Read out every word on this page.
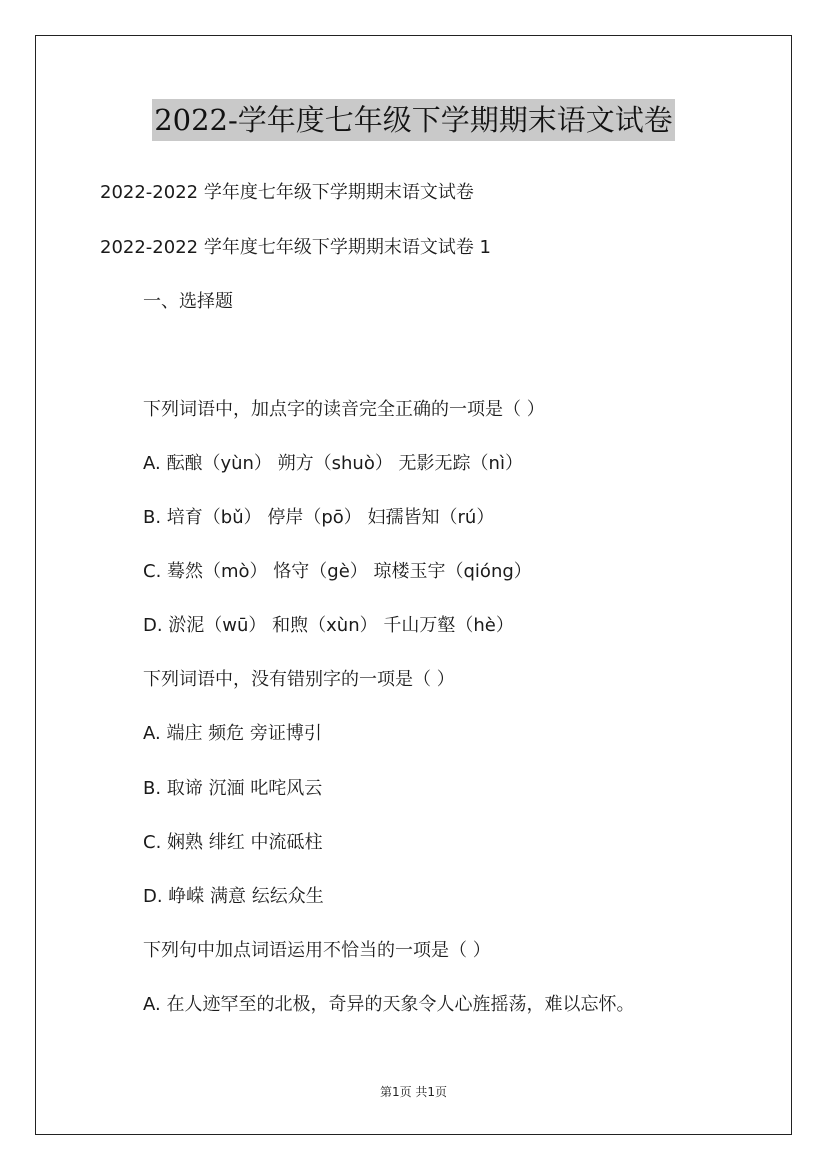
2022-学年度七年级下学期期末语文试卷
2022-2022 学年度七年级下学期期末语文试卷
2022-2022 学年度七年级下学期期末语文试卷 1
一、选择题
下列词语中，加点字的读音完全正确的一项是（ ）
A. 酝酿（yùn） 朔方（shuò） 无影无踪（nì）
B. 培育（bǔ） 停岸（pō） 妇孺皆知（rú）
C. 蓦然（mò） 恪守（gè） 琼楼玉宇（qióng）
D. 淤泥（wū） 和煦（xùn） 千山万壑（hè）
下列词语中，没有错别字的一项是（ ）
A. 端庄 频危 旁证博引
B. 取谛 沉湎 叱咤风云
C. 娴熟 绯红 中流砥柱
D. 峥嵘 满意 纭纭众生
下列句中加点词语运用不恰当的一项是（ ）
A. 在人迹罕至的北极，奇异的天象令人心旌摇荡，难以忘怀。
第1页 共1页
